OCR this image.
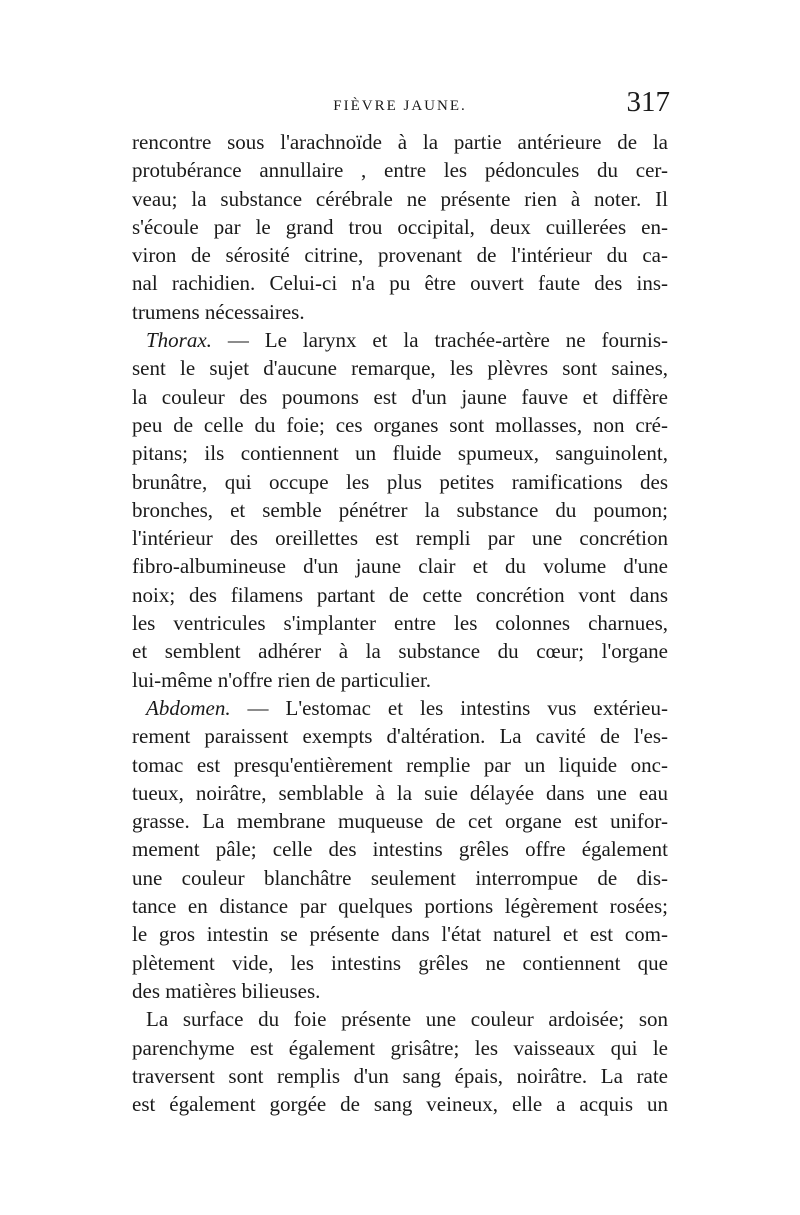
FIÈVRE JAUNE.	317
rencontre sous l'arachnoïde à la partie antérieure de la
protubérance annullaire , entre les pédoncules du cer-
veau; la substance cérébrale ne présente rien à noter. Il
s'écoule par le grand trou occipital, deux cuillerées en-
viron de sérosité citrine, provenant de l'intérieur du ca-
nal rachidien. Celui-ci n'a pu être ouvert faute des ins-
trumens nécessaires.
Thorax. — Le larynx et la trachée-artère ne fournis-
sent le sujet d'aucune remarque, les plèvres sont saines,
la couleur des poumons est d'un jaune fauve et diffère
peu de celle du foie; ces organes sont mollasses, non cré-
pitans; ils contiennent un fluide spumeux, sanguinolent,
brunâtre, qui occupe les plus petites ramifications des
bronches, et semble pénétrer la substance du poumon;
l'intérieur des oreillettes est rempli par une concrétion
fibro-albumineuse d'un jaune clair et du volume d'une
noix; des filamens partant de cette concrétion vont dans
les ventricules s'implanter entre les colonnes charnues,
et semblent adhérer à la substance du cœur; l'organe
lui-même n'offre rien de particulier.
Abdomen. — L'estomac et les intestins vus extérieu-
rement paraissent exempts d'altération. La cavité de l'es-
tomac est presqu'entièrement remplie par un liquide onc-
tueux, noirâtre, semblable à la suie délayée dans une eau
grasse. La membrane muqueuse de cet organe est unifor-
mement pâle; celle des intestins grêles offre également
une couleur blanchâtre seulement interrompue de dis-
tance en distance par quelques portions légèrement rosées;
le gros intestin se présente dans l'état naturel et est com-
plètement vide, les intestins grêles ne contiennent que
des matières bilieuses.
La surface du foie présente une couleur ardoisée; son
parenchyme est également grisâtre; les vaisseaux qui le
traversent sont remplis d'un sang épais, noirâtre. La rate
est également gorgée de sang veineux, elle a acquis un
